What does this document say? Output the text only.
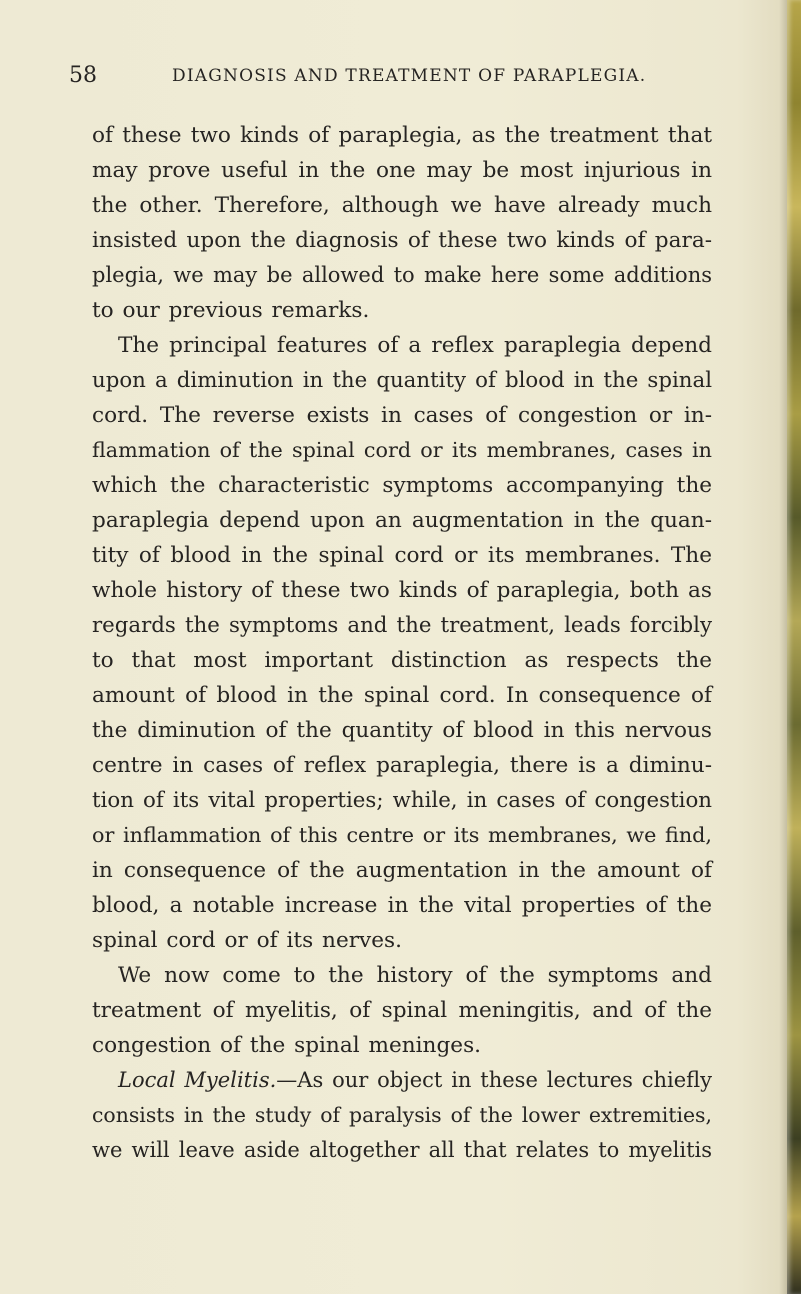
58	DIAGNOSIS AND TREATMENT OF PARAPLEGIA.
of these two kinds of paraplegia, as the treatment that
may prove useful in the one may be most injurious in
the other. Therefore, although we have already much
insisted upon the diagnosis of these two kinds of para-
plegia, we may be allowed to make here some additions
to our previous remarks.
The principal features of a reflex paraplegia depend
upon a diminution in the quantity of blood in the spinal
cord. The reverse exists in cases of congestion or in-
flammation of the spinal cord or its membranes, cases in
which the characteristic symptoms accompanying the
paraplegia depend upon an augmentation in the quan-
tity of blood in the spinal cord or its membranes. The
whole history of these two kinds of paraplegia, both as
regards the symptoms and the treatment, leads forcibly
to that most important distinction as respects the
amount of blood in the spinal cord. In consequence of
the diminution of the quantity of blood in this nervous
centre in cases of reflex paraplegia, there is a diminu-
tion of its vital properties; while, in cases of congestion
or inflammation of this centre or its membranes, we find,
in consequence of the augmentation in the amount of
blood, a notable increase in the vital properties of the
spinal cord or of its nerves.
We now come to the history of the symptoms and
treatment of myelitis, of spinal meningitis, and of the
congestion of the spinal meninges.
Local Myelitis.—As our object in these lectures chiefly
consists in the study of paralysis of the lower extremities,
we will leave aside altogether all that relates to myelitis
